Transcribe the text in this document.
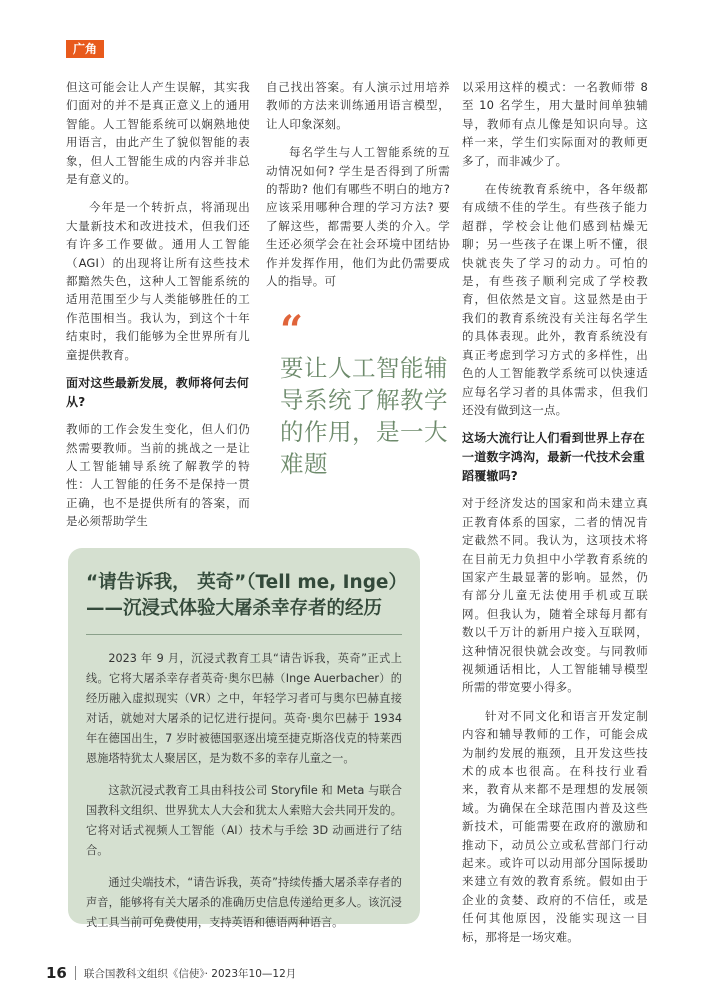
广角

但这可能会让人产生误解，其实我们面对的并不是真正意义上的通用智能。人工智能系统可以娴熟地使用语言，由此产生了貌似智能的表象，但人工智能生成的内容并非总是有意义的。

今年是一个转折点，将涌现出大量新技术和改进技术，但我们还有许多工作要做。通用人工智能（AGI）的出现将让所有这些技术都黯然失色，这种人工智能系统的适用范围至少与人类能够胜任的工作范围相当。我认为，到这个十年结束时，我们能够为全世界所有儿童提供教育。

面对这些最新发展，教师将何去何从?

教师的工作会发生变化，但人们仍然需要教师。当前的挑战之一是让人工智能辅导系统了解教学的特性：人工智能的任务不是保持一贯正确，也不是提供所有的答案，而是必须帮助学生

自己找出答案。有人演示过用培养教师的方法来训练通用语言模型，让人印象深刻。

每名学生与人工智能系统的互动情况如何? 学生是否得到了所需的帮助? 他们有哪些不明白的地方? 应该采用哪种合理的学习方法? 要了解这些，都需要人类的介入。学生还必须学会在社会环境中团结协作并发挥作用，他们为此仍需要成人的指导。可

“
要让人工智能辅导系统了解教学的作用，是一大难题

以采用这样的模式：一名教师带 8 至 10 名学生，用大量时间单独辅导，教师有点儿像是知识向导。这样一来，学生们实际面对的教师更多了，而非减少了。

在传统教育系统中，各年级都有成绩不佳的学生。有些孩子能力超群，学校会让他们感到枯燥无聊；另一些孩子在课上听不懂，很快就丧失了学习的动力。可怕的是，有些孩子顺利完成了学校教育，但依然是文盲。这显然是由于我们的教育系统没有关注每名学生的具体表现。此外，教育系统没有真正考虑到学习方式的多样性，出色的人工智能教学系统可以快速适应每名学习者的具体需求，但我们还没有做到这一点。

这场大流行让人们看到世界上存在一道数字鸿沟，最新一代技术会重蹈覆辙吗?

对于经济发达的国家和尚未建立真正教育体系的国家，二者的情况肯定截然不同。我认为，这项技术将在目前无力负担中小学教育系统的国家产生最显著的影响。显然，仍有部分儿童无法使用手机或互联网。但我认为，随着全球每月都有数以千万计的新用户接入互联网，这种情况很快就会改变。与同教师视频通话相比，人工智能辅导模型所需的带宽要小得多。

针对不同文化和语言开发定制内容和辅导教师的工作，可能会成为制约发展的瓶颈，且开发这些技术的成本也很高。在科技行业看来，教育从来都不是理想的发展领域。为确保在全球范围内普及这些新技术，可能需要在政府的激励和推动下，动员公立或私营部门行动起来。或许可以动用部分国际援助来建立有效的教育系统。假如由于企业的贪婪、政府的不信任，或是任何其他原因，没能实现这一目标，那将是一场灾难。

“请告诉我， 英奇”（Tell me, Inge）
——沉浸式体验大屠杀幸存者的经历

2023 年 9 月，沉浸式教育工具“请告诉我，英奇”正式上线。它将大屠杀幸存者英奇·奥尔巴赫（Inge Auerbacher）的经历融入虚拟现实（VR）之中，年轻学习者可与奥尔巴赫直接对话，就她对大屠杀的记忆进行提问。英奇·奥尔巴赫于 1934 年在德国出生，7 岁时被德国驱逐出境至捷克斯洛伐克的特莱西恩施塔特犹太人聚居区，是为数不多的幸存儿童之一。

这款沉浸式教育工具由科技公司 Storyfile 和 Meta 与联合国教科文组织、世界犹太人大会和犹太人索赔大会共同开发的。它将对话式视频人工智能（AI）技术与手绘 3D 动画进行了结合。

通过尖端技术，“请告诉我，英奇”持续传播大屠杀幸存者的声音，能够将有关大屠杀的准确历史信息传递给更多人。该沉浸式工具当前可免费使用，支持英语和德语两种语言。

16 联合国教科文组织《信使》· 2023年10—12月
